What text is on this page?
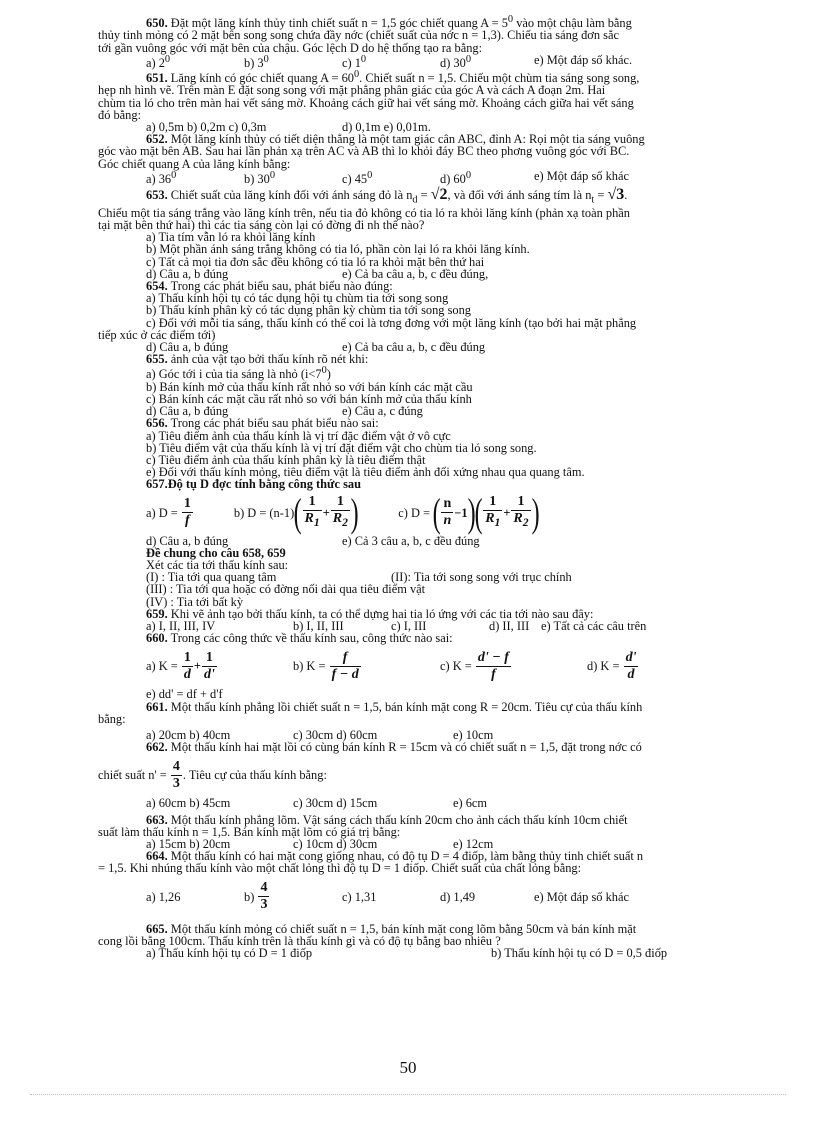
650. Đặt một lăng kính thủy tinh chiết suất n = 1,5 góc chiết quang $A = 5^0$ vào một chậu làm bằng
thủy tinh mỏng có 2 mặt bên song song chứa đầy nớc (chiết suất của nớc n = 1,3). Chiếu tia sáng đơn sắc
tới gần vuông góc với mặt bên của chậu. Góc lệch D do hệ thống tạo ra bằng:
a) $2^0$	b) $3^0$	c) $1^0$	d) $30^0$	e) Một đáp số khác.
651. Lăng kính có góc chiết quang $A = 60^0$. Chiết suất n = 1,5. Chiếu một chùm tia sáng song song,
hẹp nh hình vẽ. Trên màn E đặt song song với mặt phẳng phân giác của góc A và cách A đoạn 2m. Hai
chùm tia ló cho trên màn hai vết sáng mờ. Khoảng cách giữ hai vết sáng mờ. Khoảng cách giữa hai vết sáng
đó bằng:
a) 0,5m b) 0,2m c) 0,3m	d) 0,1m e) 0,01m.
652. Một lăng kính thủy có tiết diện thẳng là một tam giác cân ABC, đỉnh A: Rọi một tia sáng vuông
góc vào mặt bên AB. Sau hai lần phản xạ trên AC và AB thì lo khỏi đáy BC theo phơng vuông góc với BC.
Góc chiết quang A của lăng kính bằng:
a) $36^0$	b) $30^0$	c) $45^0$	d) $60^0$	e) Một đáp số khác
653. Chiết suất của lăng kính đối với ánh sáng đỏ là $n_d = √2$, và đối với ánh sáng tím là $n_t = √3$.
Chiếu một tia sáng trắng vào lăng kính trên, nếu tia đỏ không có tia ló ra khỏi lăng kính (phản xạ toàn phần
tại mặt bên thứ hai) thì các tia sáng còn lại có đờng đi nh thế nào?
a) Tia tím vẫn ló ra khỏi lăng kính
b) Một phần ánh sáng trắng không có tia ló, phần còn lại ló ra khỏi lăng kính.
c) Tất cả mọi tia đơn sắc đều không có tia ló ra khỏi mặt bên thứ hai
d) Câu a, b đúng	e) Cả ba câu a, b, c đều đúng,
654. Trong các phát biểu sau, phát biểu nào đúng:
a) Thấu kính hội tụ có tác dụng hội tụ chùm tia tới song song
b) Thấu kính phân kỳ có tác dụng phân kỳ chùm tia tới song song
c) Đối với mỗi tia sáng, thấu kính có thể coi là tơng đơng với một lăng kính (tạo bởi hai mặt phẳng
tiếp xúc ở các điểm tới)
d) Câu a, b đúng	e) Cả ba câu a, b, c đều đúng
655. ảnh của vật tạo bởi thấu kính rõ nét khi:
a) Góc tới i của tia sáng là nhỏ $(i<7^0)$
b) Bán kính mở của thấu kính rất nhỏ so với bán kính các mặt cầu
c) Bán kính các mặt cầu rất nhỏ so với bán kính mở của thấu kính
d) Câu a, b đúng	e) Câu a, c đúng
656. Trong các phát biểu sau phát biểu nào sai:
a) Tiêu điểm ảnh của thấu kính là vị trí đặc điểm vật ở vô cực
b) Tiêu điểm vật của thấu kính là vị trí đặt điểm vật cho chùm tia ló song song.
c) Tiêu điểm ảnh của thấu kính phân kỳ là tiêu điểm thật
e) Đối với thấu kính mỏng, tiêu điểm vật là tiêu điểm ảnh đối xứng nhau qua quang tâm.
657.Độ tụ D đợc tính bằng công thức sau
a) D =
$\frac{1}{f}$	b) D = (n-1) ( 1
$R_1$
+ $\frac{1}{R_2}$ )	c) D =
( n
n
−1 ) ( 1
$R_1$
+ $\frac{1}{R_2}$ )
d) Câu a, b đúng	e) Cả 3 câu a, b, c đều đúng
Đề chung cho câu 658, 659
Xét các tia tới thấu kính sau:
(I) : Tia tới qua quang tâm	(II): Tia tới song song với trục chính
(III) : Tia tới qua hoặc có đờng nối dài qua tiêu điểm vật
(IV) : Tia tới bất kỳ
659. Khi vẽ ảnh tạo bởi thấu kính, ta có thể dựng hai tia ló ứng với các tia tới nào sau đây:
a) I, II, III, IV	b) I, II, III	c) I, III	d) II, III e) Tất cả các câu trên
660. Trong các công thức về thấu kính sau, công thức nào sai:
a) K =
$\frac{1}{d} + \frac{1}{d'}$	b) K =
$\frac{f}{f - d}$	c) K =
$\frac{d' - f}{f}$	d) K =
$\frac{d'}{d}$
e) dd' = df + d'f
661. Một thấu kính phẳng lồi chiết suất n = 1,5, bán kính mặt cong R = 20cm. Tiêu cự của thấu kính
bằng:
a) 20cm b) 40cm	c) 30cm d) 60cm	e) 10cm
662. Một thấu kính hai mặt lồi có cùng bán kính R = 15cm và có chiết suất n = 1,5, đặt trong nớc có
chiết suất n' =
$\frac{4}{3}$ . Tiêu cự của thấu kính bằng:
a) 60cm b) 45cm	c) 30cm d) 15cm	e) 6cm
663. Một thấu kính phẳng lõm. Vật sáng cách thấu kính 20cm cho ảnh cách thấu kính 10cm chiết
suất làm thấu kính n = 1,5. Bán kính mặt lõm có giá trị bằng:
a) 15cm b) 20cm	c) 10cm d) 30cm	e) 12cm
664. Một thấu kính có hai mặt cong giống nhau, có độ tụ D = 4 điốp, làm bằng thủy tinh chiết suất n
= 1,5. Khi nhúng thấu kính vào một chất lỏng thì độ tụ D = 1 điốp. Chiết suất của chất lỏng bằng:
a) 1,26	b)

4
3
c) 1,31	d) 1,49	e) Một đáp số khác
665. Một thấu kính mỏng có chiết suất n = 1,5, bán kính mặt cong lõm bằng 50cm và bán kính mặt
cong lồi bằng 100cm. Thấu kính trên là thấu kính gì và có độ tụ bằng bao nhiêu ?
a) Thấu kính hội tụ có D = 1 điốp	b) Thấu kính hội tụ có D = 0,5 điốp
50
